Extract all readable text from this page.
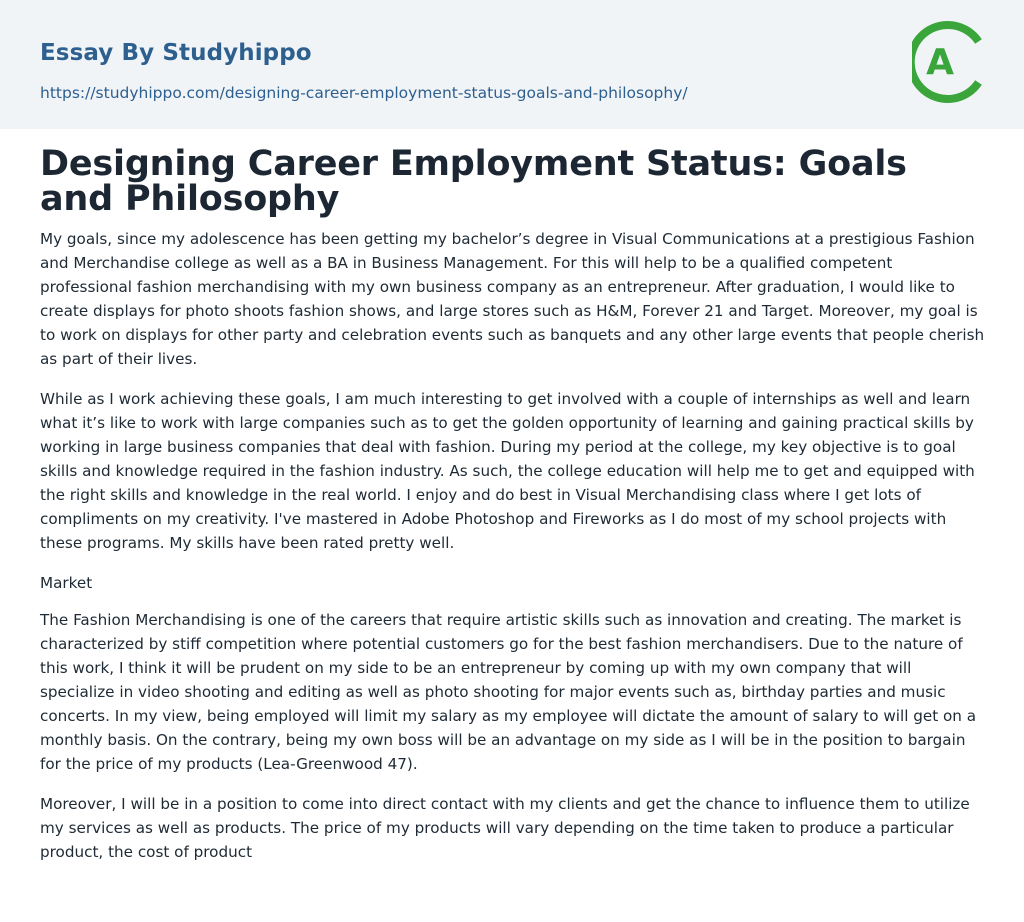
Essay By Studyhippo
https://studyhippo.com/designing-career-employment-status-goals-and-philosophy/
A
Designing Career Employment Status: Goals and Philosophy

My goals, since my adolescence has been getting my bachelor’s degree in Visual Communications at a prestigious Fashion and Merchandise college as well as a BA in Business Management. For this will help to be a qualified competent professional fashion merchandising with my own business company as an entrepreneur. After graduation, I would like to create displays for photo shoots fashion shows, and large stores such as H&M, Forever 21 and Target. Moreover, my goal is to work on displays for other party and celebration events such as banquets and any other large events that people cherish as part of their lives.

While as I work achieving these goals, I am much interesting to get involved with a couple of internships as well and learn what it’s like to work with large companies such as to get the golden opportunity of learning and gaining practical skills by working in large business companies that deal with fashion. During my period at the college, my key objective is to goal skills and knowledge required in the fashion industry. As such, the college education will help me to get and equipped with the right skills and knowledge in the real world. I enjoy and do best in Visual Merchandising class where I get lots of compliments on my creativity. I've mastered in Adobe Photoshop and Fireworks as I do most of my school projects with these programs. My skills have been rated pretty well.

Market

The Fashion Merchandising is one of the careers that require artistic skills such as innovation and creating. The market is characterized by stiff competition where potential customers go for the best fashion merchandisers. Due to the nature of this work, I think it will be prudent on my side to be an entrepreneur by coming up with my own company that will specialize in video shooting and editing as well as photo shooting for major events such as, birthday parties and music concerts. In my view, being employed will limit my salary as my employee will dictate the amount of salary to will get on a monthly basis. On the contrary, being my own boss will be an advantage on my side as I will be in the position to bargain for the price of my products (Lea-Greenwood 47).

Moreover, I will be in a position to come into direct contact with my clients and get the chance to influence them to utilize my services as well as products. The price of my products will vary depending on the time taken to produce a particular product, the cost of product
